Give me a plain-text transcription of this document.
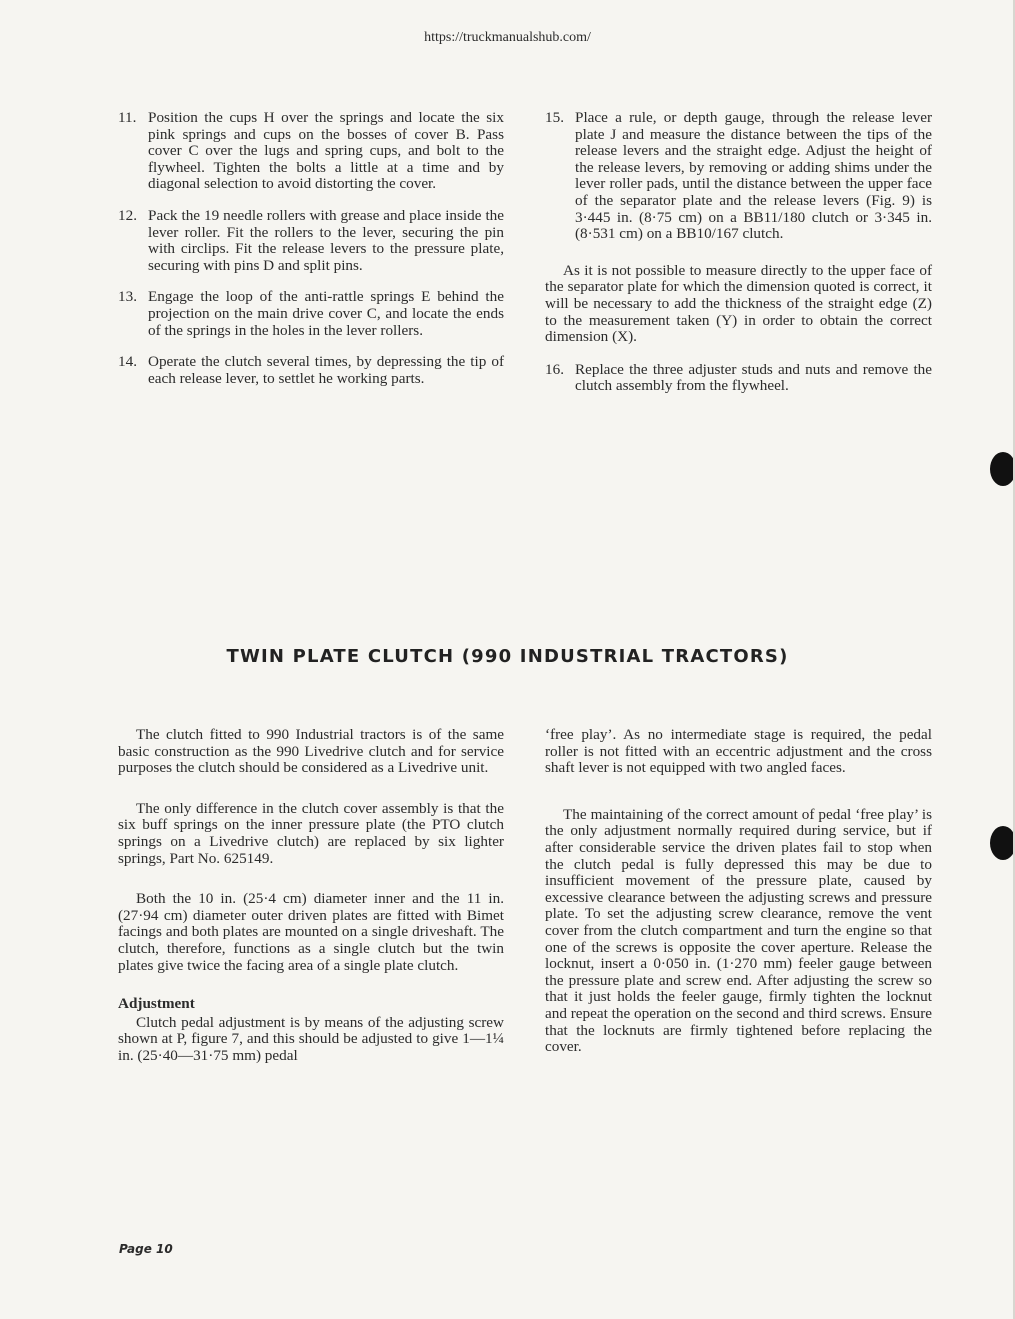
https://truckmanualshub.com/
11. Position the cups H over the springs and locate the six pink springs and cups on the bosses of cover B. Pass cover C over the lugs and spring cups, and bolt to the flywheel. Tighten the bolts a little at a time and by diagonal selection to avoid distorting the cover.
12. Pack the 19 needle rollers with grease and place inside the lever roller. Fit the rollers to the lever, securing the pin with circlips. Fit the release levers to the pressure plate, securing with pins D and split pins.
13. Engage the loop of the anti-rattle springs E behind the projection on the main drive cover C, and locate the ends of the springs in the holes in the lever rollers.
14. Operate the clutch several times, by depressing the tip of each release lever, to settlet he working parts.
15. Place a rule, or depth gauge, through the release lever plate J and measure the distance between the tips of the release levers and the straight edge. Adjust the height of the release levers, by removing or adding shims under the lever roller pads, until the distance between the upper face of the separator plate and the release levers (Fig. 9) is 3·445 in. (8·75 cm) on a BB11/180 clutch or 3·345 in. (8·531 cm) on a BB10/167 clutch.

As it is not possible to measure directly to the upper face of the separator plate for which the dimension quoted is correct, it will be necessary to add the thickness of the straight edge (Z) to the measurement taken (Y) in order to obtain the correct dimension (X).

16. Replace the three adjuster studs and nuts and remove the clutch assembly from the flywheel.
TWIN PLATE CLUTCH (990 INDUSTRIAL TRACTORS)

The clutch fitted to 990 Industrial tractors is of the same basic construction as the 990 Livedrive clutch and for service purposes the clutch should be considered as a Livedrive unit.

The only difference in the clutch cover assembly is that the six buff springs on the inner pressure plate (the PTO clutch springs on a Livedrive clutch) are replaced by six lighter springs, Part No. 625149.

Both the 10 in. (25·4 cm) diameter inner and the 11 in. (27·94 cm) diameter outer driven plates are fitted with Bimet facings and both plates are mounted on a single driveshaft. The clutch, therefore, functions as a single clutch but the twin plates give twice the facing area of a single plate clutch.

Adjustment

Clutch pedal adjustment is by means of the adjusting screw shown at P, figure 7, and this should be adjusted to give 1—1¼ in. (25·40—31·75 mm) pedal

‘free play’. As no intermediate stage is required, the pedal roller is not fitted with an eccentric adjustment and the cross shaft lever is not equipped with two angled faces.

The maintaining of the correct amount of pedal ‘free play’ is the only adjustment normally required during service, but if after considerable service the driven plates fail to stop when the clutch pedal is fully depressed this may be due to insufficient movement of the pressure plate, caused by excessive clearance between the adjusting screws and pressure plate. To set the adjusting screw clearance, remove the vent cover from the clutch compartment and turn the engine so that one of the screws is opposite the cover aperture. Release the locknut, insert a 0·050 in. (1·270 mm) feeler gauge between the pressure plate and screw end. After adjusting the screw so that it just holds the feeler gauge, firmly tighten the locknut and repeat the operation on the second and third screws. Ensure that the locknuts are firmly tightened before replacing the cover.

Page 10
